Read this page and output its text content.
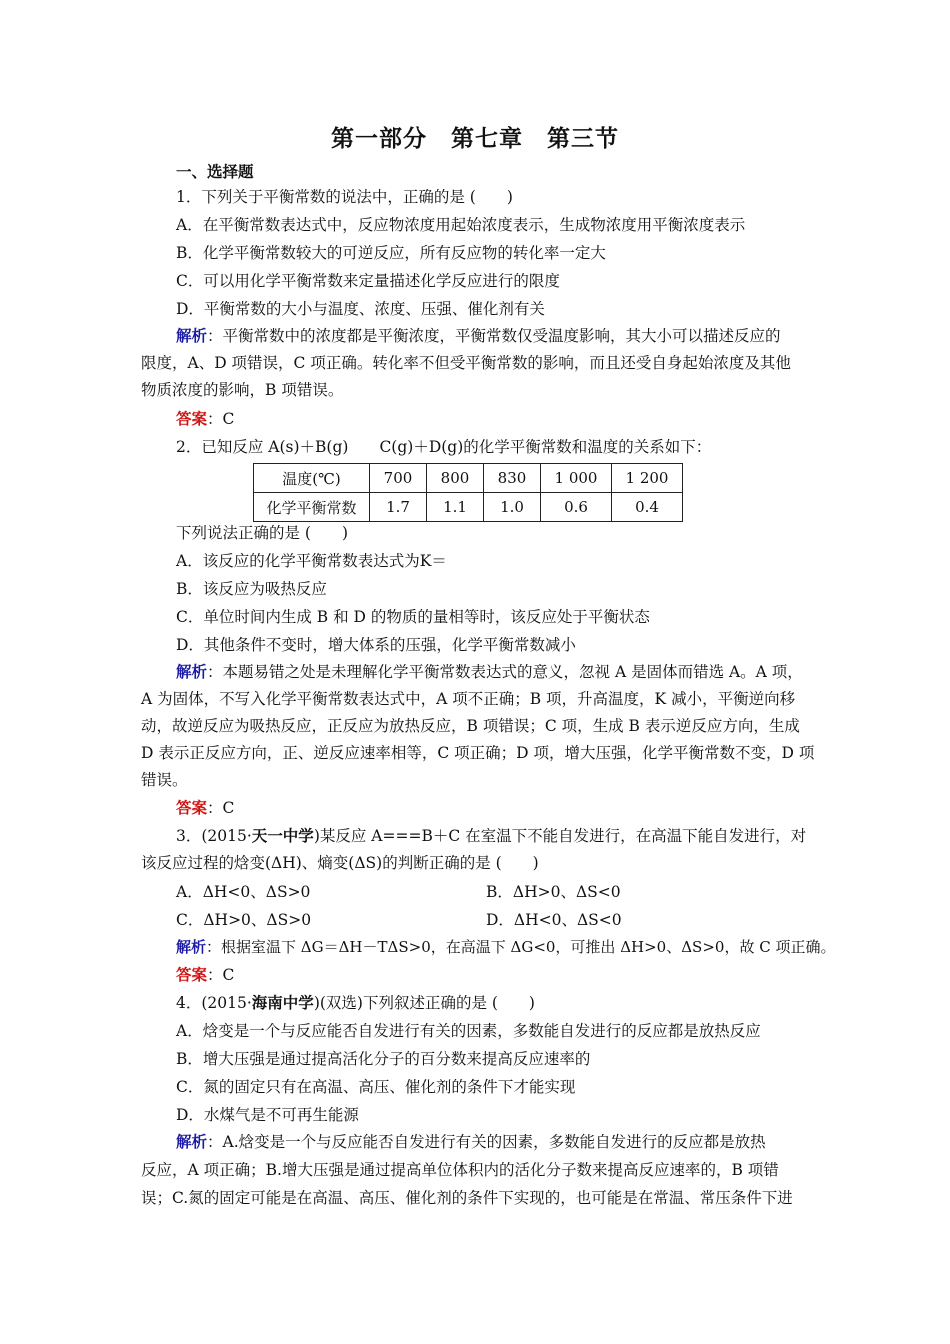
第一部分　第七章　第三节
一、选择题
1．下列关于平衡常数的说法中，正确的是 (　　)
A．在平衡常数表达式中，反应物浓度用起始浓度表示，生成物浓度用平衡浓度表示
B．化学平衡常数较大的可逆反应，所有反应物的转化率一定大
C．可以用化学平衡常数来定量描述化学反应进行的限度
D．平衡常数的大小与温度、浓度、压强、催化剂有关
解析：平衡常数中的浓度都是平衡浓度，平衡常数仅受温度影响，其大小可以描述反应的
限度，A、D 项错误，C 项正确。转化率不但受平衡常数的影响，而且还受自身起始浓度及其他
物质浓度的影响，B 项错误。
答案：C
2．已知反应 A(s)＋B(g)　　C(g)＋D(g)的化学平衡常数和温度的关系如下：
温度(℃)	700	800	830	1 000	1 200
化学平衡常数	1.7	1.1	1.0	0.6	0.4
下列说法正确的是 (　　)
A．该反应的化学平衡常数表达式为K＝
B．该反应为吸热反应
C．单位时间内生成 B 和 D 的物质的量相等时，该反应处于平衡状态
D．其他条件不变时，增大体系的压强，化学平衡常数减小
解析：本题易错之处是未理解化学平衡常数表达式的意义，忽视 A 是固体而错选 A。A 项，
A 为固体，不写入化学平衡常数表达式中，A 项不正确；B 项，升高温度，K 减小，平衡逆向移
动，故逆反应为吸热反应，正反应为放热反应，B 项错误；C 项，生成 B 表示逆反应方向，生成
D 表示正反应方向，正、逆反应速率相等，C 项正确；D 项，增大压强，化学平衡常数不变，D 项
错误。
答案：C
3．(2015·天一中学)某反应 A===B＋C 在室温下不能自发进行，在高温下能自发进行，对
该反应过程的焓变(ΔH)、熵变(ΔS)的判断正确的是 (　　)
A．ΔH<0、ΔS>0	B．ΔH>0、ΔS<0
C．ΔH>0、ΔS>0	D．ΔH<0、ΔS<0
解析：根据室温下 ΔG＝ΔH－TΔS>0，在高温下 ΔG<0，可推出 ΔH>0、ΔS>0，故 C 项正确。
答案：C
4．(2015·海南中学)(双选)下列叙述正确的是 (　　)
A．焓变是一个与反应能否自发进行有关的因素，多数能自发进行的反应都是放热反应
B．增大压强是通过提高活化分子的百分数来提高反应速率的
C．氮的固定只有在高温、高压、催化剂的条件下才能实现
D．水煤气是不可再生能源
解析：A.焓变是一个与反应能否自发进行有关的因素，多数能自发进行的反应都是放热
反应，A 项正确；B.增大压强是通过提高单位体积内的活化分子数来提高反应速率的，B 项错
误；C.氮的固定可能是在高温、高压、催化剂的条件下实现的，也可能是在常温、常压条件下进
